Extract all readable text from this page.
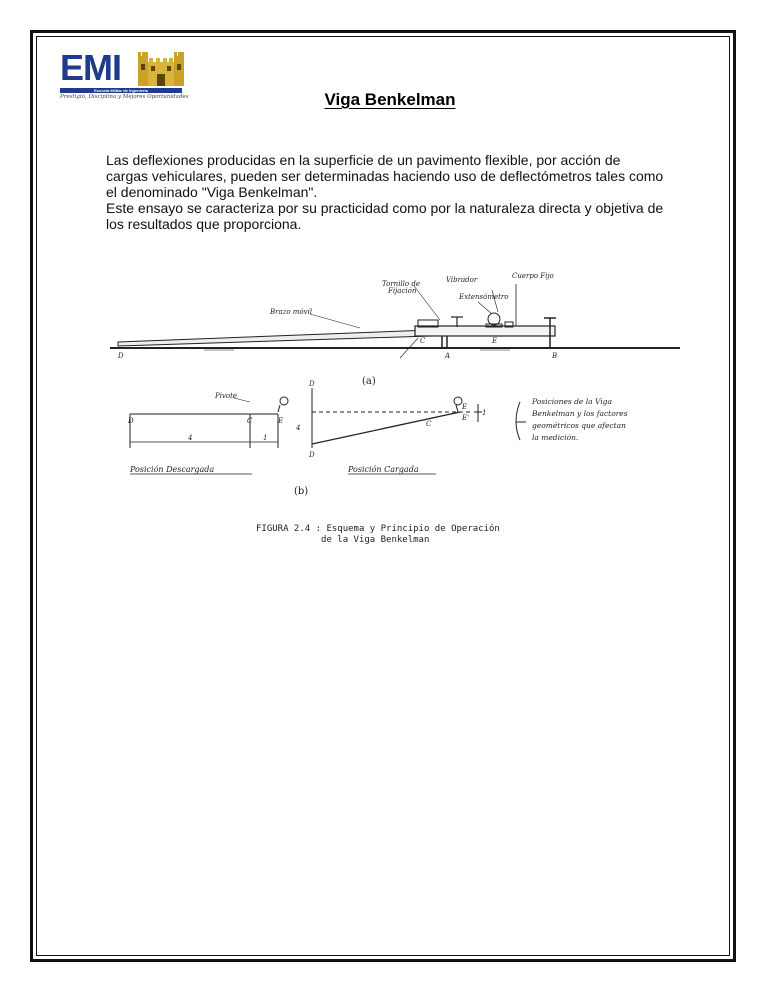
EMI
Escuela Militar de Ingeniería
Prestigio, Disciplina y Mejores Oportunidades	Viga Benkelman

Las deflexiones producidas en la superficie de un pavimento flexible, por acción de cargas vehiculares, pueden ser determinadas haciendo uso de deflectómetros tales como el denominado "Viga Benkelman".

Este ensayo se caracteriza por su practicidad como por la naturaleza directa y objetiva de los resultados que proporciona.

Brazo móvil
Tornillo de
Fijación
Vibrador	Cuerpo Fijo
Extensómetro
D
C
A
E
B
(a)
Pivote
D	C	E
4	1
D
D
4	C
E
E'
1
Posición Descargada	Posición Cargada
(b)
Posiciones de la Viga
Benkelman y los factores
geométricos que afectan
la medición.
FIGURA 2.4 : Esquema y Principio de Operación
de la Viga Benkelman
